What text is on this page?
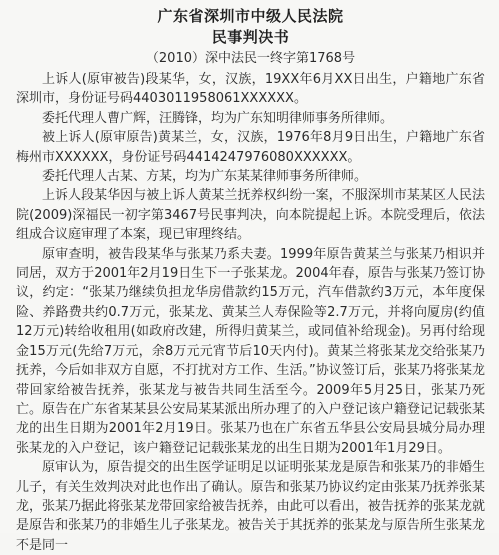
广东省深圳市中级人民法院
民事判决书
（2010）深中法民一终字第1768号

上诉人(原审被告)段某华，女，汉族，19XX年6月XX日出生，户籍地广东省深圳市，身份证号码4403011958061XXXXXX。

委托代理人曹广辉，汪腾锋，均为广东知明律师事务所律师。

被上诉人(原审原告)黄某兰，女，汉族，1976年8月9日出生，户籍地广东省梅州市XXXXXX，身份证号码4414247976080XXXXXX。

委托代理人古某、方某，均为广东某某律师事务所律师。

上诉人段某华因与被上诉人黄某兰抚养权纠纷一案，不服深圳市某某区人民法院(2009)深福民一初字第3467号民事判决，向本院提起上诉。本院受理后，依法组成合议庭审理了本案，现已审理终结。

原审查明，被告段某华与张某乃系夫妻。1999年原告黄某兰与张某乃相识并同居，双方于2001年2月19日生下一子张某龙。2004年春，原告与张某乃签订协议，约定：“张某乃继续负担龙华房借款约15万元，汽车借款约3万元，本年度保险、养路费共约0.7万元，张某龙、黄某兰人寿保险等2.7万元，并将向厦房(约值12万元)转给收租用(如政府改建，所得归黄某兰，或同值补给现金)。另再付给现金15万元(先给7万元，余8万元元宵节后10天内付)。黄某兰将张某龙交给张某乃抚养，今后如非双方自愿，不打扰对方工作、生活。”协议签订后，张某乃将张某龙带回家给被告抚养，张某龙与被告共同生活至今。2009年5月25日，张某乃死亡。原告在广东省某某县公安局某某派出所办理了的入户登记该户籍登记记载张某龙的出生日期为2001年2月19日。张某乃也在广东省五华县公安局县城分局办理张某龙的入户登记，该户籍登记记载张某龙的出生日期为2001年1月29日。

原审认为，原告提交的出生医学证明足以证明张某龙是原告和张某乃的非婚生儿子，有关生效判决对此也作出了确认。原告和张某乃协议约定由张某乃抚养张某龙，张某乃据此将张某龙带回家给被告抚养，由此可以看出，被告抚养的张某龙就是原告和张某乃的非婚生儿子张某龙。被告关于其抚养的张某龙与原告所生张某龙不是同一
